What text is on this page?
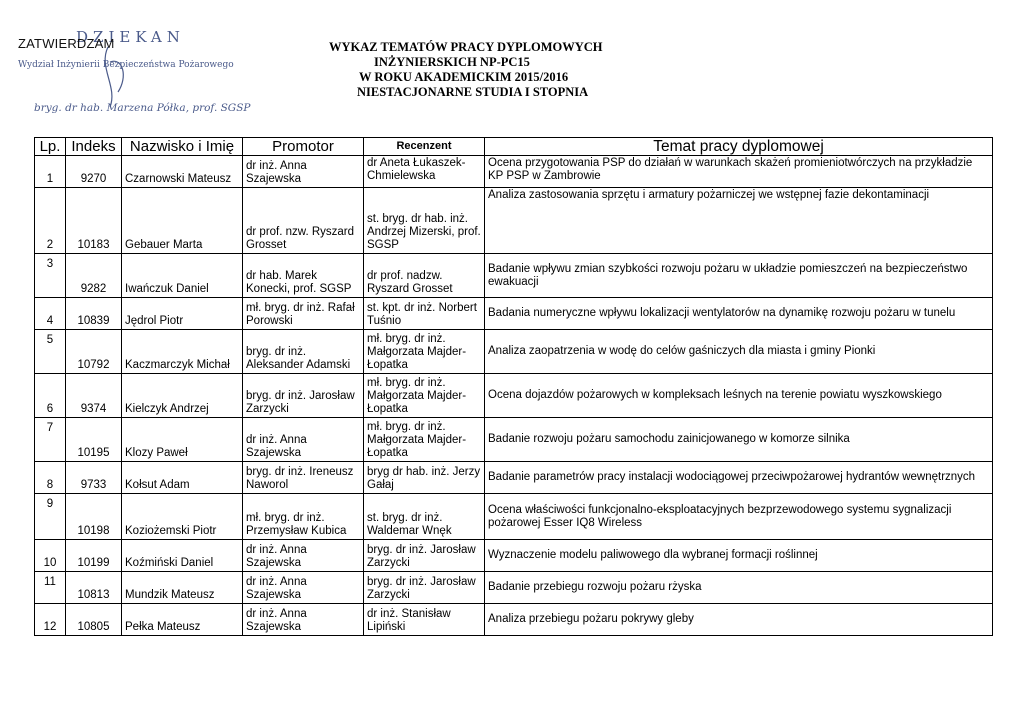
DZIEKAN
ZATWIERDZAM
Wydział Inżynierii Bezpieczeństwa Pożarowego
bryg. dr hab. Marzena Półka, prof. SGSP
WYKAZ TEMATÓW PRACY DYPLOMOWYCH
INŻYNIERSKICH NP-PC15
W ROKU AKADEMICKIM 2015/2016
NIESTACJONARNE STUDIA I STOPNIA
Lp.	Indeks	Nazwisko i Imię	Promotor	Recenzent	Temat pracy dyplomowej
1	9270	Czarnowski Mateusz	dr inż. Anna Szajewska	dr Aneta Łukaszek-Chmielewska	Ocena przygotowania PSP do działań w warunkach skażeń promieniotwórczych na przykładzie KP PSP w Zambrowie
2	10183	Gebauer Marta	dr prof. nzw. Ryszard Grosset	st. bryg. dr hab. inż. Andrzej Mizerski, prof. SGSP	Analiza zastosowania sprzętu i armatury pożarniczej we wstępnej fazie dekontaminacji
3	9282	Iwańczuk Daniel	dr hab. Marek Konecki, prof. SGSP	dr prof. nadzw. Ryszard Grosset	Badanie wpływu zmian szybkości rozwoju pożaru w układzie pomieszczeń na bezpieczeństwo ewakuacji
4	10839	Jędrol Piotr	mł. bryg. dr inż. Rafał Porowski	st. kpt. dr inż. Norbert Tuśnio	Badania numeryczne wpływu lokalizacji wentylatorów na dynamikę rozwoju pożaru w tunelu
5	10792	Kaczmarczyk Michał	bryg. dr inż. Aleksander Adamski	mł. bryg. dr inż. Małgorzata Majder-Łopatka	Analiza zaopatrzenia w wodę do celów gaśniczych dla miasta i gminy Pionki
6	9374	Kielczyk Andrzej	bryg. dr inż. Jarosław Zarzycki	mł. bryg. dr inż. Małgorzata Majder-Łopatka	Ocena dojazdów pożarowych w kompleksach leśnych na terenie powiatu wyszkowskiego
7	10195	Klozy Paweł	dr inż. Anna Szajewska	mł. bryg. dr inż. Małgorzata Majder-Łopatka	Badanie rozwoju pożaru samochodu zainicjowanego w komorze silnika
8	9733	Kołsut Adam	bryg. dr inż. Ireneusz Naworol	bryg dr hab. inż. Jerzy Gałaj	Badanie parametrów pracy instalacji wodociągowej przeciwpożarowej hydrantów wewnętrznych
9	10198	Koziożemski Piotr	mł. bryg. dr inż. Przemysław Kubica	st. bryg. dr inż. Waldemar Wnęk	Ocena właściwości funkcjonalno-eksploatacyjnych bezprzewodowego systemu sygnalizacji pożarowej Esser IQ8 Wireless
10	10199	Koźmiński Daniel	dr inż. Anna Szajewska	bryg. dr inż. Jarosław Zarzycki	Wyznaczenie modelu paliwowego dla wybranej formacji roślinnej
11	10813	Mundzik Mateusz	dr inż. Anna Szajewska	bryg. dr inż. Jarosław Zarzycki	Badanie przebiegu rozwoju pożaru rżyska
12	10805	Pełka Mateusz	dr inż. Anna Szajewska	dr inż. Stanisław Lipiński	Analiza przebiegu pożaru pokrywy gleby
